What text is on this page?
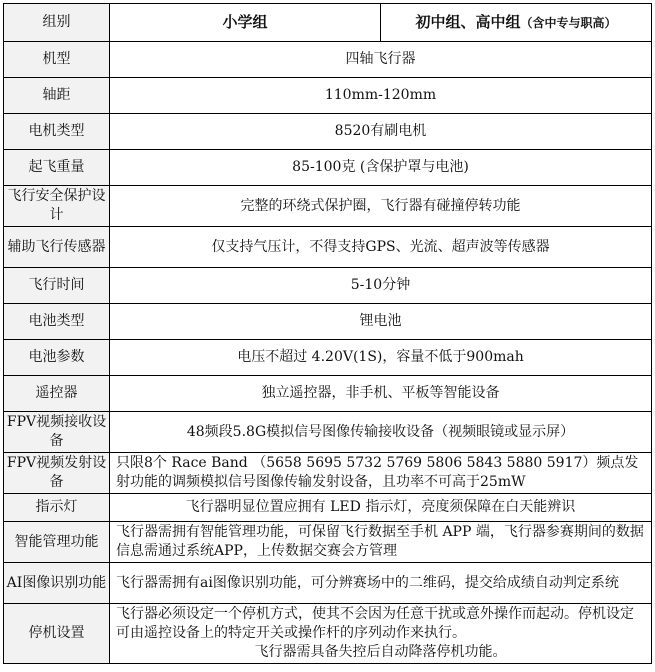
组别	小学组	初中组、高中组（含中专与职高）
机型	四轴飞行器	
轴距	110mm-120mm	
电机类型	8520有刷电机	
起飞重量	85-100克 (含保护罩与电池)	
飞行安全保护设计	完整的环绕式保护圈，飞行器有碰撞停转功能	
辅助飞行传感器	仅支持气压计，不得支持GPS、光流、超声波等传感器	
飞行时间	5-10分钟	
电池类型	锂电池	
电池参数	电压不超过 4.20V(1S)，容量不低于900mah	
遥控器	独立遥控器，非手机、平板等智能设备	
FPV视频接收设备	48频段5.8G模拟信号图像传输接收设备（视频眼镜或显示屏）	
FPV视频发射设备	只限8个 Race Band （5658 5695 5732 5769 5806 5843 5880 5917）频点发射功能的调频模拟信号图像传输发射设备，且功率不可高于25mW	
指示灯	飞行器明显位置应拥有 LED 指示灯，亮度须保障在白天能辨识	
智能管理功能	飞行器需拥有智能管理功能，可保留飞行数据至手机 APP 端，飞行器参赛期间的数据信息需通过系统APP，上传数据交赛会方管理	
AI图像识别功能	飞行器需拥有ai图像识别功能，可分辨赛场中的二维码，提交给成绩自动判定系统	
停机设置	飞行器必须设定一个停机方式，使其不会因为任意干扰或意外操作而起动。停机设定可由遥控设备上的特定开关或操作杆的序列动作来执行。
飞行器需具备失控后自动降落停机功能。	
